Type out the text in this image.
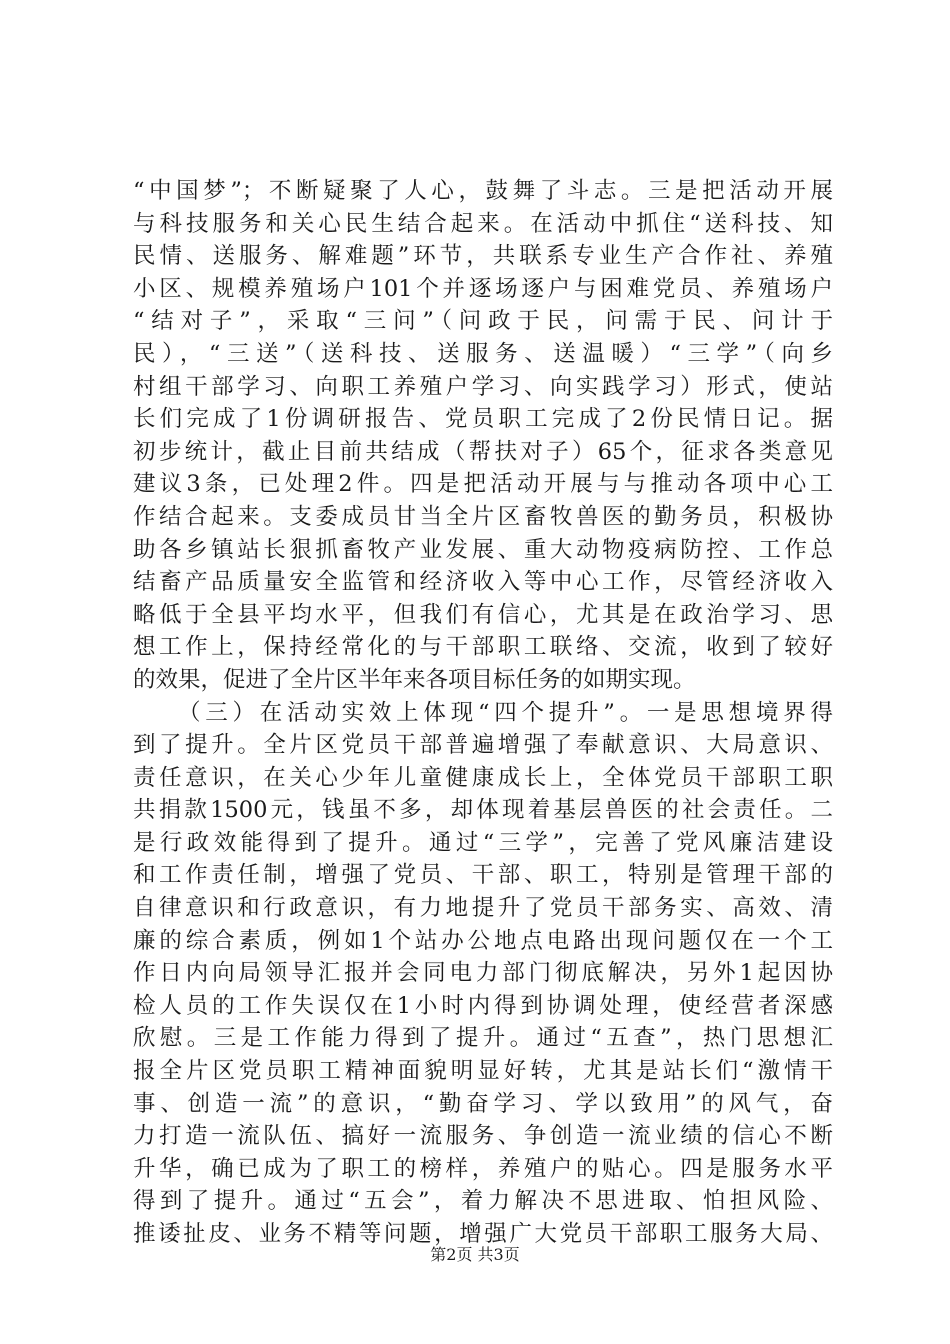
“中国梦”；不断疑聚了人心，鼓舞了斗志。三是把活动开展
与科技服务和关心民生结合起来。在活动中抓住“送科技、知
民情、送服务、解难题”环节，共联系专业生产合作社、养殖
小区、规模养殖场户101个并逐场逐户与困难党员、养殖场户
“结对子”，采取“三问”（问政于民，问需于民、问计于
民），“三送”（送科技、送服务、送温暖）“三学”（向乡
村组干部学习、向职工养殖户学习、向实践学习）形式，使站
长们完成了1份调研报告、党员职工完成了2份民情日记。据
初步统计，截止目前共结成（帮扶对子）65个，征求各类意见
建议3条，已处理2件。四是把活动开展与与推动各项中心工
作结合起来。支委成员甘当全片区畜牧兽医的勤务员，积极协
助各乡镇站长狠抓畜牧产业发展、重大动物疫病防控、工作总
结畜产品质量安全监管和经济收入等中心工作，尽管经济收入
略低于全县平均水平，但我们有信心，尤其是在政治学习、思
想工作上，保持经常化的与干部职工联络、交流，收到了较好
的效果，促进了全片区半年来各项目标任务的如期实现。
（三）在活动实效上体现“四个提升”。一是思想境界得
到了提升。全片区党员干部普遍增强了奉献意识、大局意识、
责任意识，在关心少年儿童健康成长上，全体党员干部职工职
共捐款1500元，钱虽不多，却体现着基层兽医的社会责任。二
是行政效能得到了提升。通过“三学”，完善了党风廉洁建设
和工作责任制，增强了党员、干部、职工，特别是管理干部的
自律意识和行政意识，有力地提升了党员干部务实、高效、清
廉的综合素质，例如1个站办公地点电路出现问题仅在一个工
作日内向局领导汇报并会同电力部门彻底解决，另外1起因协
检人员的工作失误仅在1小时内得到协调处理，使经营者深感
欣慰。三是工作能力得到了提升。通过“五查”，热门思想汇
报全片区党员职工精神面貌明显好转，尤其是站长们“激情干
事、创造一流”的意识，“勤奋学习、学以致用”的风气，奋
力打造一流队伍、搞好一流服务、争创造一流业绩的信心不断
升华，确已成为了职工的榜样，养殖户的贴心。四是服务水平
得到了提升。通过“五会”，着力解决不思进取、怕担风险、
推诿扯皮、业务不精等问题，增强广大党员干部职工服务大局、
第2页 共3页
